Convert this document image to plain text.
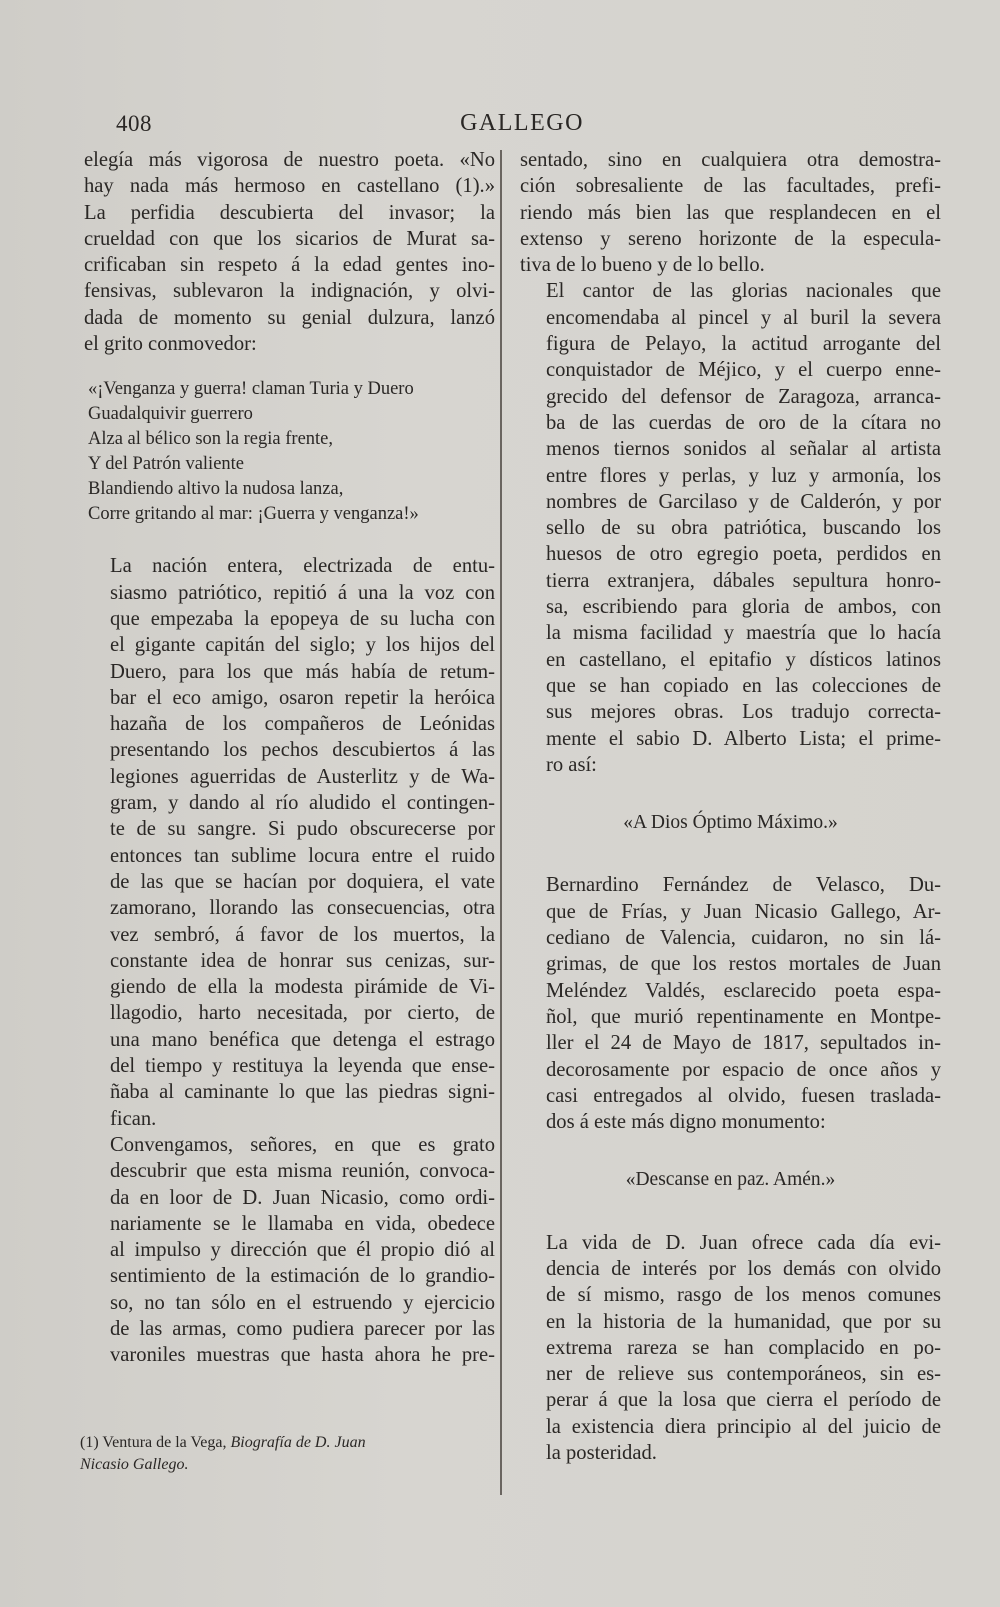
408	GALLEGO
elegía más vigorosa de nuestro poeta. «No
hay nada más hermoso en castellano (1).»
La perfidia descubierta del invasor; la
crueldad con que los sicarios de Murat sa-
crificaban sin respeto á la edad gentes ino-
fensivas, sublevaron la indignación, y olvi-
dada de momento su genial dulzura, lanzó
el grito conmovedor:
«¡Venganza y guerra! claman Turia y Duero
Guadalquivir guerrero
Alza al bélico son la regia frente,
Y del Patrón valiente
Blandiendo altivo la nudosa lanza,
Corre gritando al mar: ¡Guerra y venganza!»
La nación entera, electrizada de entu-
siasmo patriótico, repitió á una la voz con
que empezaba la epopeya de su lucha con
el gigante capitán del siglo; y los hijos del
Duero, para los que más había de retum-
bar el eco amigo, osaron repetir la heróica
hazaña de los compañeros de Leónidas
presentando los pechos descubiertos á las
legiones aguerridas de Austerlitz y de Wa-
gram, y dando al río aludido el contingen-
te de su sangre. Si pudo obscurecerse por
entonces tan sublime locura entre el ruido
de las que se hacían por doquiera, el vate
zamorano, llorando las consecuencias, otra
vez sembró, á favor de los muertos, la
constante idea de honrar sus cenizas, sur-
giendo de ella la modesta pirámide de Vi-
llagodio, harto necesitada, por cierto, de
una mano benéfica que detenga el estrago
del tiempo y restituya la leyenda que ense-
ñaba al caminante lo que las piedras signi-
fican.
Convengamos, señores, en que es grato
descubrir que esta misma reunión, convoca-
da en loor de D. Juan Nicasio, como ordi-
nariamente se le llamaba en vida, obedece
al impulso y dirección que él propio dió al
sentimiento de la estimación de lo grandio-
so, no tan sólo en el estruendo y ejercicio
de las armas, como pudiera parecer por las
varoniles muestras que hasta ahora he pre-
(1) Ventura de la Vega, Biografía de D. Juan
Nicasio Gallego.
sentado, sino en cualquiera otra demostra-
ción sobresaliente de las facultades, prefi-
riendo más bien las que resplandecen en el
extenso y sereno horizonte de la especula-
tiva de lo bueno y de lo bello.
El cantor de las glorias nacionales que
encomendaba al pincel y al buril la severa
figura de Pelayo, la actitud arrogante del
conquistador de Méjico, y el cuerpo enne-
grecido del defensor de Zaragoza, arranca-
ba de las cuerdas de oro de la cítara no
menos tiernos sonidos al señalar al artista
entre flores y perlas, y luz y armonía, los
nombres de Garcilaso y de Calderón, y por
sello de su obra patriótica, buscando los
huesos de otro egregio poeta, perdidos en
tierra extranjera, dábales sepultura honro-
sa, escribiendo para gloria de ambos, con
la misma facilidad y maestría que lo hacía
en castellano, el epitafio y dísticos latinos
que se han copiado en las colecciones de
sus mejores obras. Los tradujo correcta-
mente el sabio D. Alberto Lista; el prime-
ro así:
«A Dios Óptimo Máximo.»
Bernardino Fernández de Velasco, Du-
que de Frías, y Juan Nicasio Gallego, Ar-
cediano de Valencia, cuidaron, no sin lá-
grimas, de que los restos mortales de Juan
Meléndez Valdés, esclarecido poeta espa-
ñol, que murió repentinamente en Montpe-
ller el 24 de Mayo de 1817, sepultados in-
decorosamente por espacio de once años y
casi entregados al olvido, fuesen traslada-
dos á este más digno monumento:
«Descanse en paz. Amén.»
La vida de D. Juan ofrece cada día evi-
dencia de interés por los demás con olvido
de sí mismo, rasgo de los menos comunes
en la historia de la humanidad, que por su
extrema rareza se han complacido en po-
ner de relieve sus contemporáneos, sin es-
perar á que la losa que cierra el período de
la existencia diera principio al del juicio de
la posteridad.
